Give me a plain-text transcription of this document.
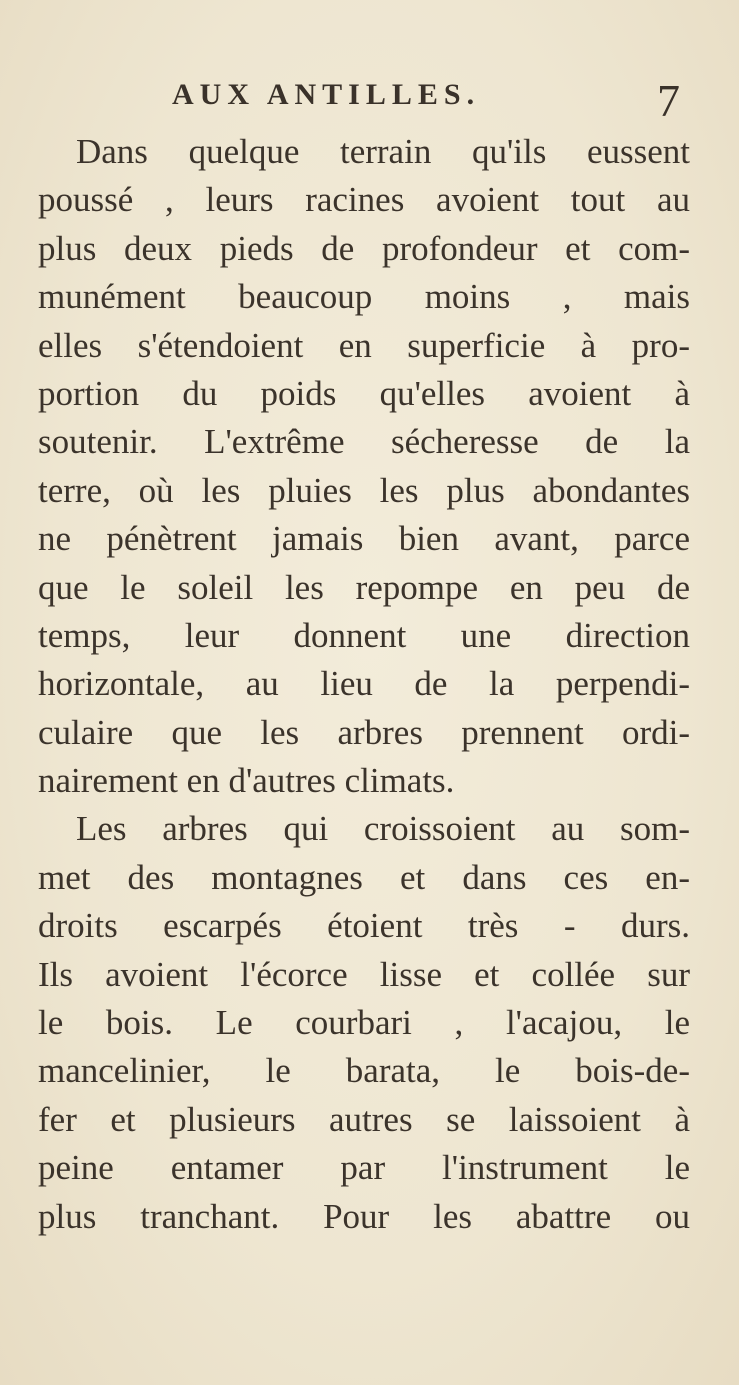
AUX ANTILLES.	7
Dans quelque terrain qu'ils eussent
poussé , leurs racines avoient tout au
plus deux pieds de profondeur et com-
munément beaucoup moins , mais
elles s'étendoient en superficie à pro-
portion du poids qu'elles avoient à
soutenir. L'extrême sécheresse de la
terre, où les pluies les plus abondantes
ne pénètrent jamais bien avant, parce
que le soleil les repompe en peu de
temps, leur donnent une direction
horizontale, au lieu de la perpendi-
culaire que les arbres prennent ordi-
nairement en d'autres climats.
Les arbres qui croissoient au som-
met des montagnes et dans ces en-
droits escarpés étoient très - durs.
Ils avoient l'écorce lisse et collée sur
le bois. Le courbari , l'acajou, le
mancelinier, le barata, le bois-de-
fer et plusieurs autres se laissoient à
peine entamer par l'instrument le
plus tranchant. Pour les abattre ou
